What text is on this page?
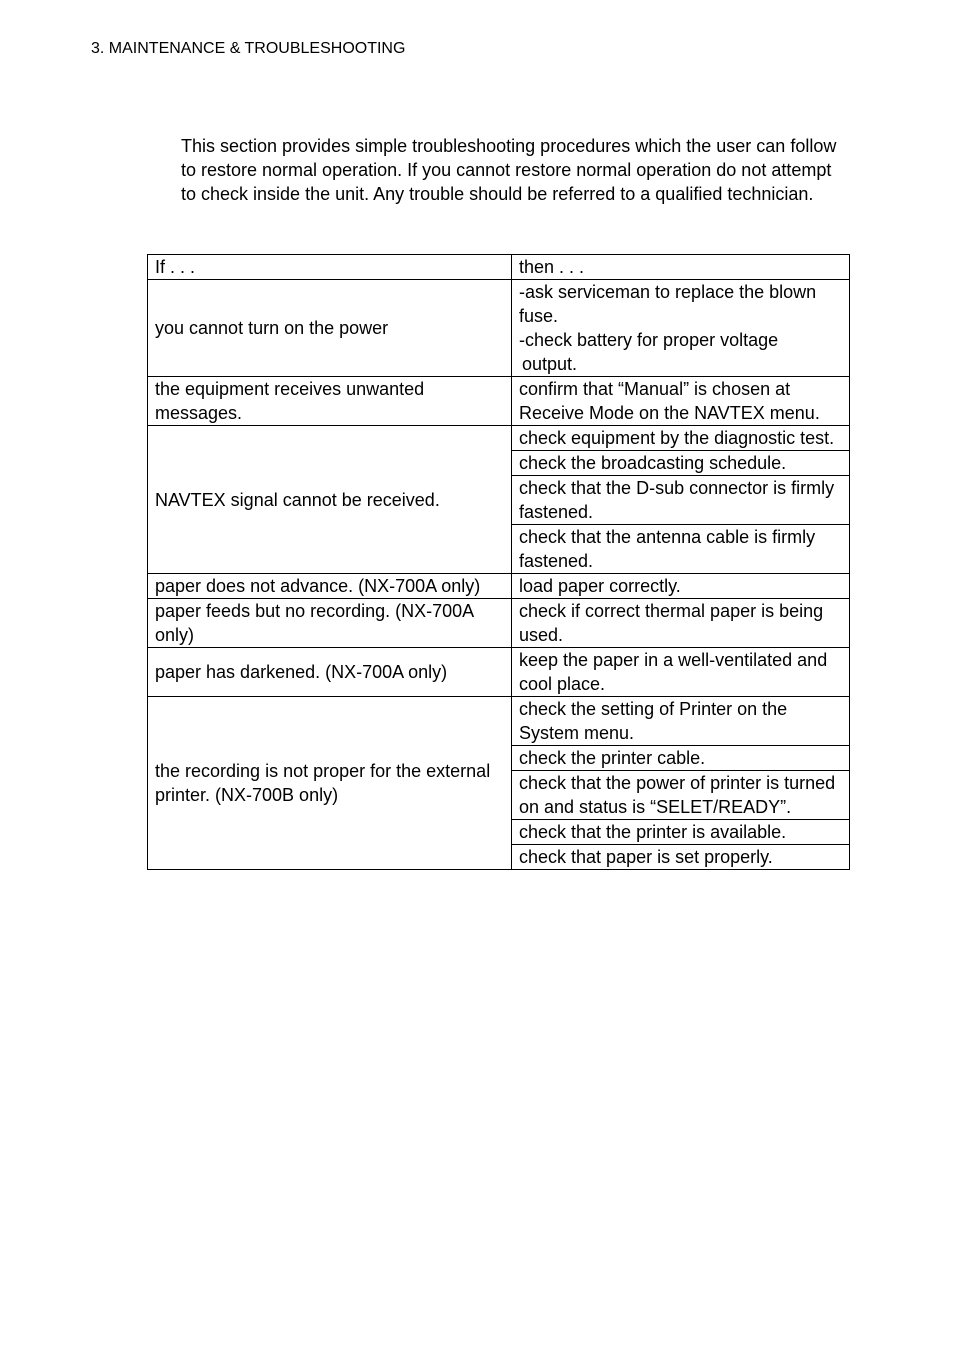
3. MAINTENANCE & TROUBLESHOOTING

This section provides simple troubleshooting procedures which the user can follow to restore normal operation. If you cannot restore normal operation do not attempt to check inside the unit. Any trouble should be referred to a qualified technician.

If . . .	then . . .
you cannot turn on the power	-ask serviceman to replace the blown fuse.
-check battery for proper voltage
output.

the equipment receives unwanted messages.	confirm that “Manual” is chosen at Receive Mode on the NAVTEX menu.
NAVTEX signal cannot be received.	check equipment by the diagnostic test.
	check the broadcasting schedule.
	check that the D-sub connector is firmly fastened.
	check that the antenna cable is firmly fastened.
paper does not advance. (NX-700A only)	load paper correctly.
paper feeds but no recording. (NX-700A only)	check if correct thermal paper is being used.
paper has darkened. (NX-700A only)	keep the paper in a well-ventilated and cool place.
the recording is not proper for the external printer. (NX-700B only)	check the setting of Printer on the System menu.
	check the printer cable.
	check that the power of printer is turned on and status is “SELET/READY”.
	check that the printer is available.
	check that paper is set properly.
